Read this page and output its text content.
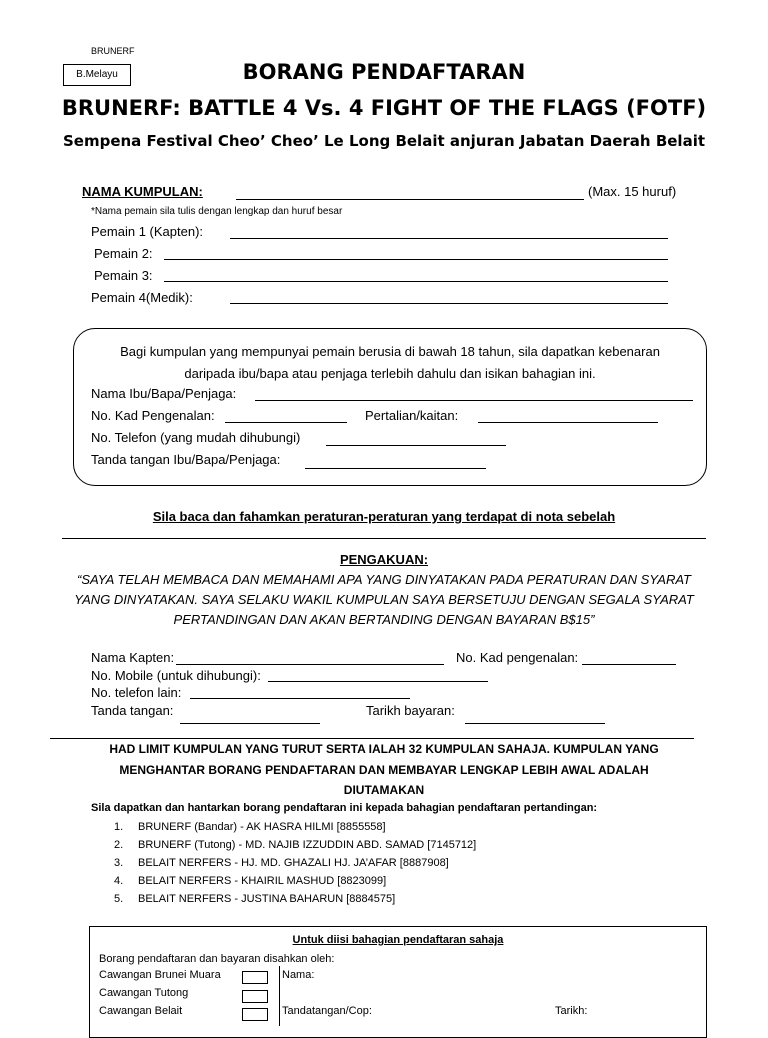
BRUNERF
B.Melayu	BORANG PENDAFTARAN
BRUNERF: BATTLE 4 Vs. 4 FIGHT OF THE FLAGS (FOTF)
Sempena Festival Cheo’ Cheo’ Le Long Belait anjuran Jabatan Daerah Belait
NAMA KUMPULAN:	(Max. 15 huruf)
*Nama pemain sila tulis dengan lengkap dan huruf besar
Pemain 1 (Kapten):
Pemain 2:
Pemain 3:
Pemain 4(Medik):
Bagi kumpulan yang mempunyai pemain berusia di bawah 18 tahun, sila dapatkan kebenaran
daripada ibu/bapa atau penjaga terlebih dahulu dan isikan bahagian ini.
Nama Ibu/Bapa/Penjaga:
No. Kad Pengenalan:	Pertalian/kaitan:
No. Telefon (yang mudah dihubungi)
Tanda tangan Ibu/Bapa/Penjaga:
Sila baca dan fahamkan peraturan-peraturan yang terdapat di nota sebelah
PENGAKUAN:
“SAYA TELAH MEMBACA DAN MEMAHAMI APA YANG DINYATAKAN PADA PERATURAN DAN SYARAT
YANG DINYATAKAN. SAYA SELAKU WAKIL KUMPULAN SAYA BERSETUJU DENGAN SEGALA SYARAT
PERTANDINGAN DAN AKAN BERTANDING DENGAN BAYARAN B$15”
Nama Kapten:	No. Kad pengenalan:
No. Mobile (untuk dihubungi):
No. telefon lain:
Tanda tangan:	Tarikh bayaran:
HAD LIMIT KUMPULAN YANG TURUT SERTA IALAH 32 KUMPULAN SAHAJA. KUMPULAN YANG
MENGHANTAR BORANG PENDAFTARAN DAN MEMBAYAR LENGKAP LEBIH AWAL ADALAH
DIUTAMAKAN
Sila dapatkan dan hantarkan borang pendaftaran ini kepada bahagian pendaftaran pertandingan:
1. BRUNERF (Bandar) - AK HASRA HILMI [8855558]
2. BRUNERF (Tutong) - MD. NAJIB IZZUDDIN ABD. SAMAD [7145712]
3. BELAIT NERFERS - HJ. MD. GHAZALI HJ. JA’AFAR [8887908]
4. BELAIT NERFERS - KHAIRIL MASHUD [8823099]
5. BELAIT NERFERS - JUSTINA BAHARUN [8884575]
Untuk diisi bahagian pendaftaran sahaja
Borang pendaftaran dan bayaran disahkan oleh:
Cawangan Brunei Muara
Cawangan Tutong
Cawangan Belait
Nama:
Tandatangan/Cop:	Tarikh:
